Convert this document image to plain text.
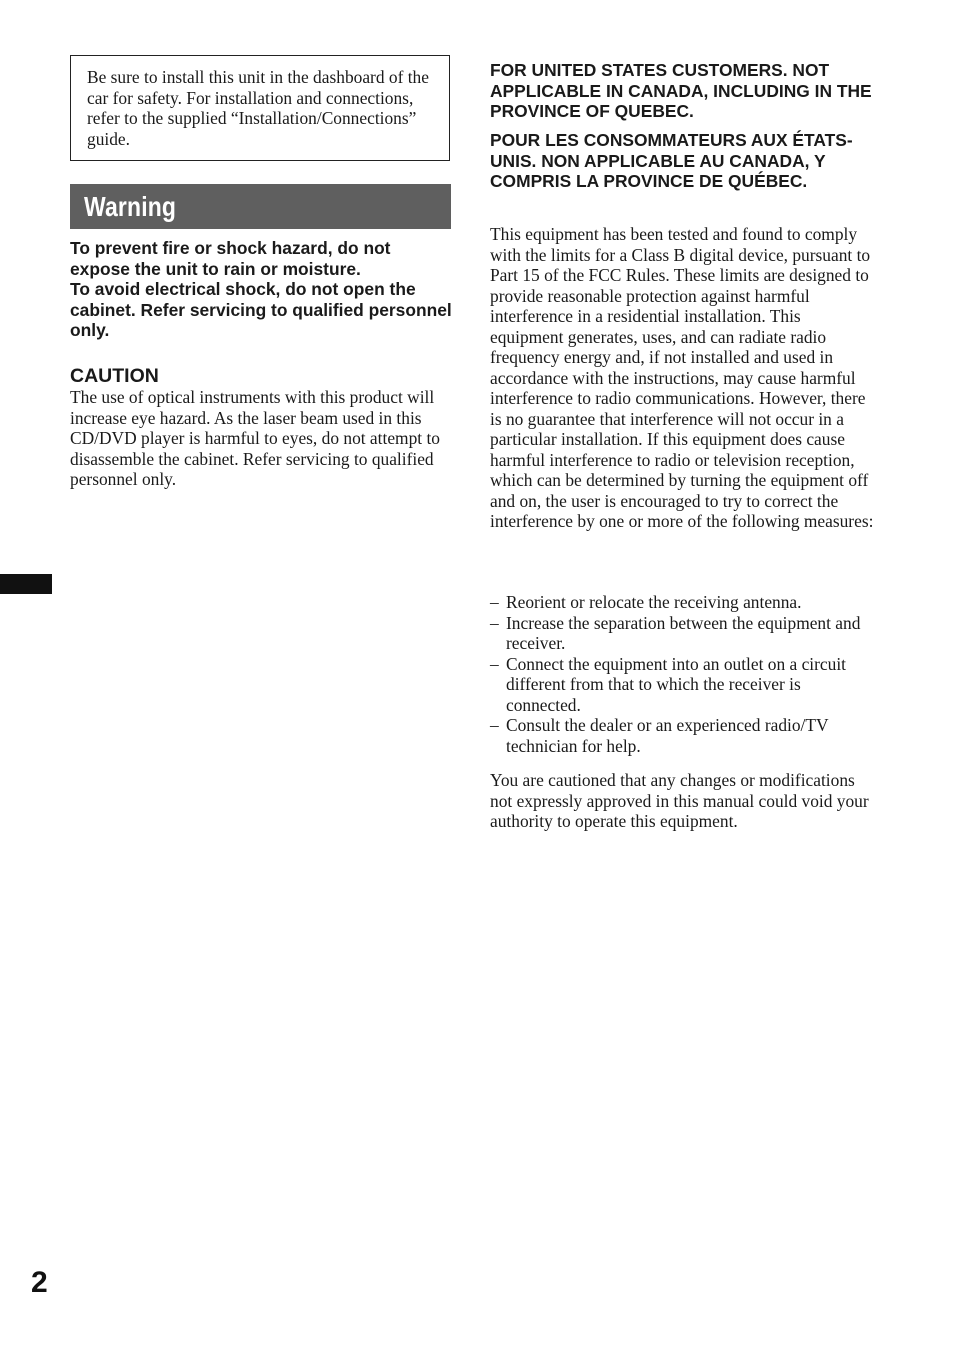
Be sure to install this unit in the dashboard of the car for safety. For installation and connections, refer to the supplied “Installation/Connections” guide.
Warning
To prevent fire or shock hazard, do not expose the unit to rain or moisture.
To avoid electrical shock, do not open the cabinet. Refer servicing to qualified personnel only.
CAUTION
The use of optical instruments with this product will increase eye hazard. As the laser beam used in this CD/DVD player is harmful to eyes, do not attempt to disassemble the cabinet. Refer servicing to qualified personnel only.
2
FOR UNITED STATES CUSTOMERS. NOT APPLICABLE IN CANADA, INCLUDING IN THE PROVINCE OF QUEBEC.
POUR LES CONSOMMATEURS AUX ÉTATS-UNIS. NON APPLICABLE AU CANADA, Y COMPRIS LA PROVINCE DE QUÉBEC.
This equipment has been tested and found to comply with the limits for a Class B digital device, pursuant to Part 15 of the FCC Rules. These limits are designed to provide reasonable protection against harmful interference in a residential installation. This equipment generates, uses, and can radiate radio frequency energy and, if not installed and used in accordance with the instructions, may cause harmful interference to radio communications. However, there is no guarantee that interference will not occur in a particular installation. If this equipment does cause harmful interference to radio or television reception, which can be determined by turning the equipment off and on, the user is encouraged to try to correct the interference by one or more of the following measures:
– Reorient or relocate the receiving antenna.
– Increase the separation between the equipment and receiver.
– Connect the equipment into an outlet on a circuit different from that to which the receiver is connected.
– Consult the dealer or an experienced radio/TV technician for help.
You are cautioned that any changes or modifications not expressly approved in this manual could void your authority to operate this equipment.
